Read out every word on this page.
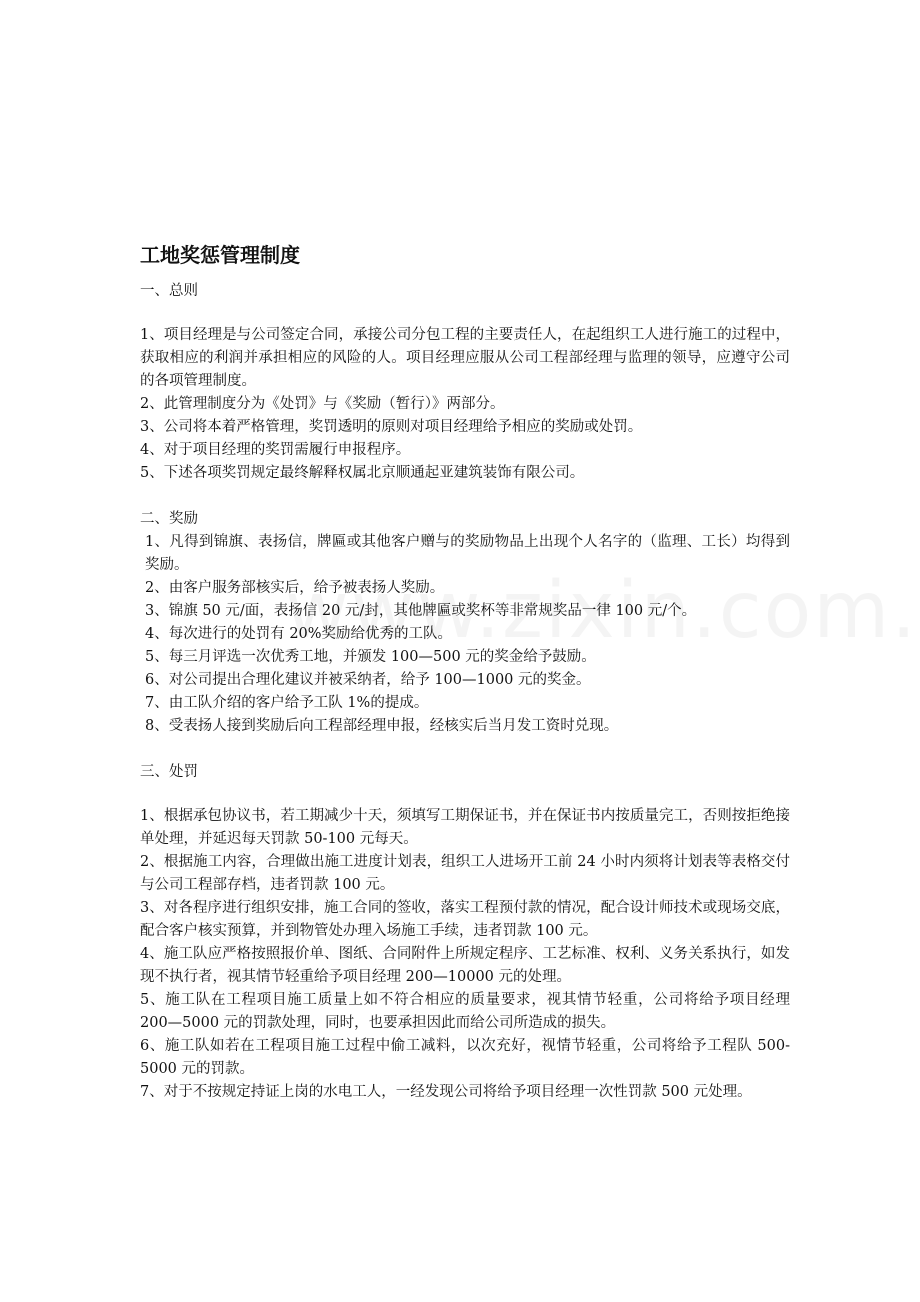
工地奖惩管理制度

一、总则

1、项目经理是与公司签定合同，承接公司分包工程的主要责任人，在起组织工人进行施工的过程中，获取相应的利润并承担相应的风险的人。项目经理应服从公司工程部经理与监理的领导，应遵守公司的各项管理制度。

2、此管理制度分为《处罚》与《奖励（暂行）》两部分。

3、公司将本着严格管理，奖罚透明的原则对项目经理给予相应的奖励或处罚。

4、对于项目经理的奖罚需履行申报程序。

5、下述各项奖罚规定最终解释权属北京顺通起亚建筑装饰有限公司。

二、奖励

1、凡得到锦旗、表扬信，牌匾或其他客户赠与的奖励物品上出现个人名字的（监理、工长）均得到奖励。

2、由客户服务部核实后，给予被表扬人奖励。

3、锦旗 50 元/面，表扬信 20 元/封，其他牌匾或奖杯等非常规奖品一律 100 元/个。

4、每次进行的处罚有 20%奖励给优秀的工队。

5、每三月评选一次优秀工地，并颁发 100—500 元的奖金给予鼓励。

6、对公司提出合理化建议并被采纳者，给予 100—1000 元的奖金。

7、由工队介绍的客户给予工队 1%的提成。

8、受表扬人接到奖励后向工程部经理申报，经核实后当月发工资时兑现。

三、处罚

1、根据承包协议书，若工期减少十天，须填写工期保证书，并在保证书内按质量完工，否则按拒绝接单处理，并延迟每天罚款 50-100 元每天。

2、根据施工内容，合理做出施工进度计划表，组织工人进场开工前 24 小时内须将计划表等表格交付与公司工程部存档，违者罚款 100 元。

3、对各程序进行组织安排，施工合同的签收，落实工程预付款的情况，配合设计师技术或现场交底，配合客户核实预算，并到物管处办理入场施工手续，违者罚款 100 元。

4、施工队应严格按照报价单、图纸、合同附件上所规定程序、工艺标准、权利、义务关系执行，如发现不执行者，视其情节轻重给予项目经理 200—10000 元的处理。

5、施工队在工程项目施工质量上如不符合相应的质量要求，视其情节轻重，公司将给予项目经理 200—5000 元的罚款处理，同时，也要承担因此而给公司所造成的损失。

6、施工队如若在工程项目施工过程中偷工减料，以次充好，视情节轻重，公司将给予工程队 500-5000 元的罚款。

7、对于不按规定持证上岗的水电工人，一经发现公司将给予项目经理一次性罚款 500 元处理。
